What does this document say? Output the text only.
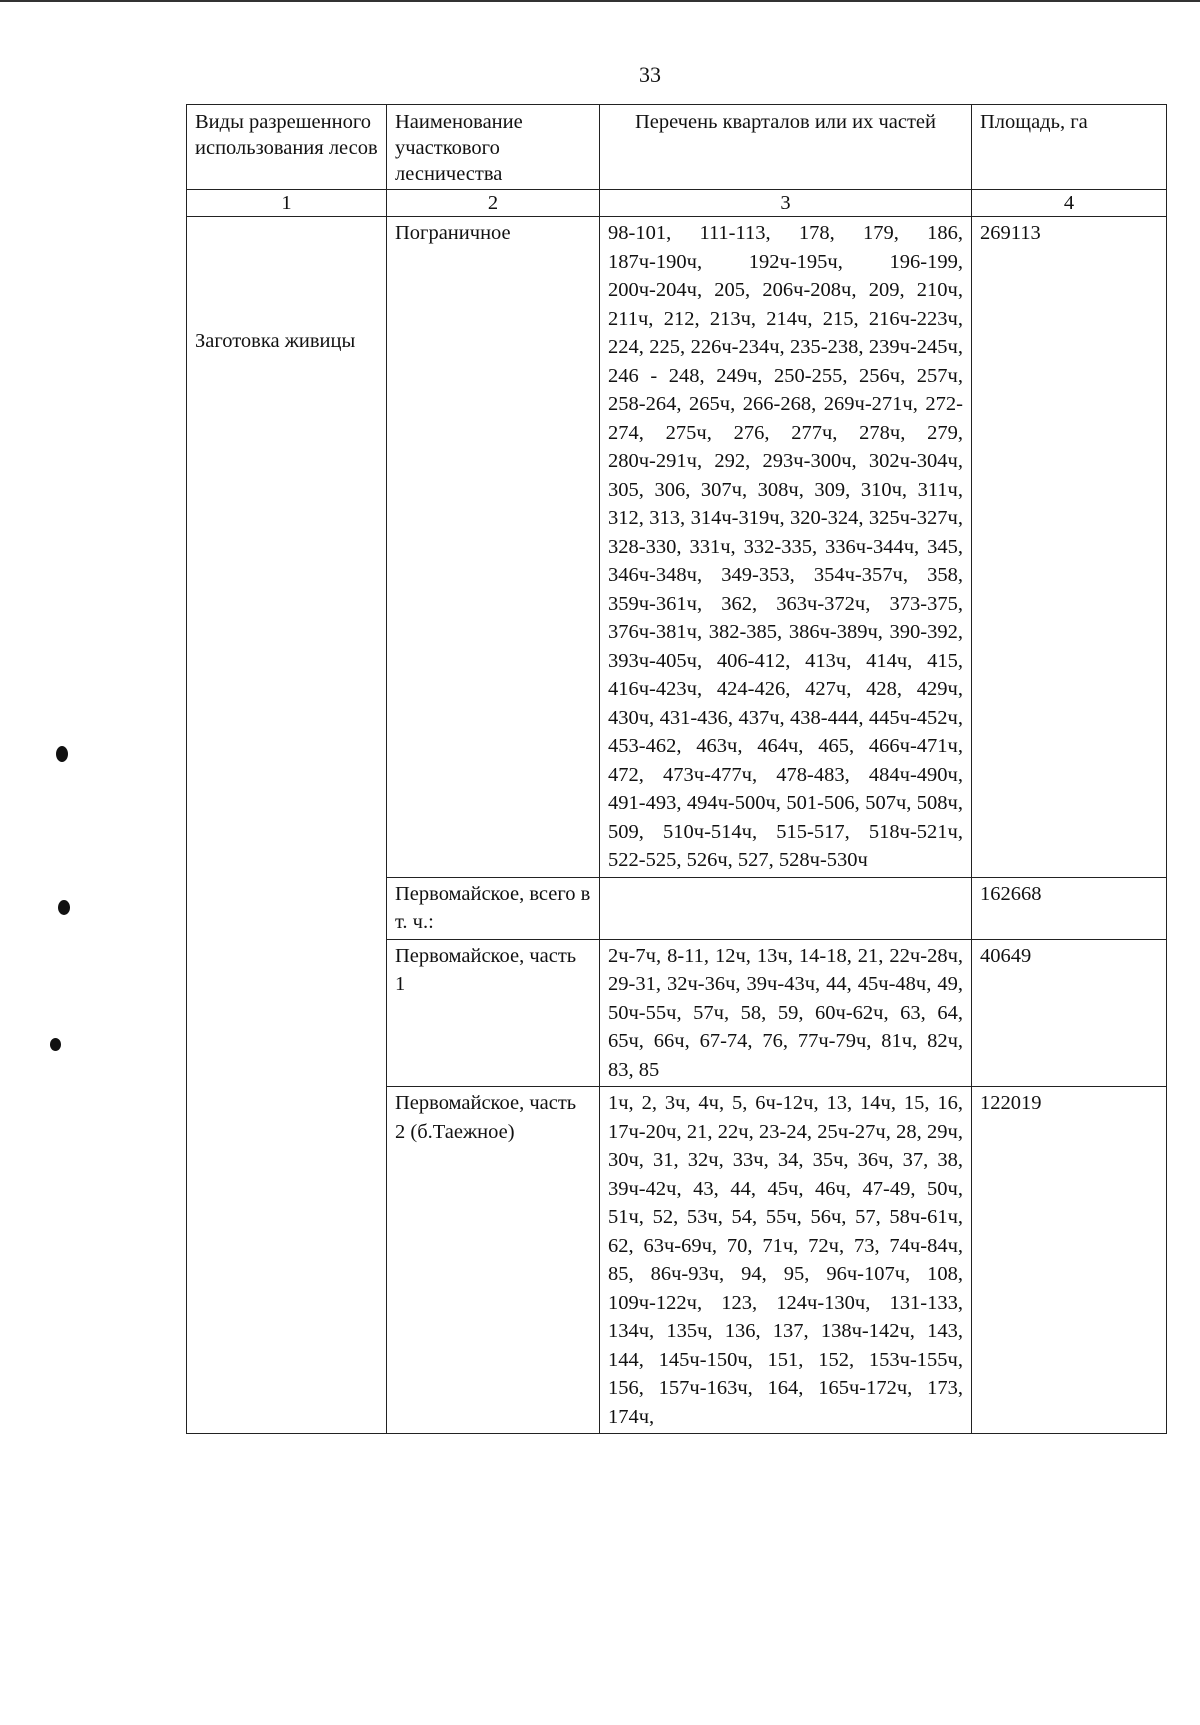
33
Виды разрешенного использования лесов	Наименование участкового лесничества	Перечень кварталов или их частей	Площадь, га
1	2	3	4
Заготовка живицы	Пограничное	98-101, 111-113, 178, 179, 186, 187ч-190ч, 192ч-195ч, 196-199, 200ч-204ч, 205, 206ч-208ч, 209, 210ч, 211ч, 212, 213ч, 214ч, 215, 216ч-223ч, 224, 225, 226ч-234ч, 235-238, 239ч-245ч, 246 - 248, 249ч, 250-255, 256ч, 257ч, 258-264, 265ч, 266-268, 269ч-271ч, 272-274, 275ч, 276, 277ч, 278ч, 279, 280ч-291ч, 292, 293ч-300ч, 302ч-304ч, 305, 306, 307ч, 308ч, 309, 310ч, 311ч, 312, 313, 314ч-319ч, 320-324, 325ч-327ч, 328-330, 331ч, 332-335, 336ч-344ч, 345, 346ч-348ч, 349-353, 354ч-357ч, 358, 359ч-361ч, 362, 363ч-372ч, 373-375, 376ч-381ч, 382-385, 386ч-389ч, 390-392, 393ч-405ч, 406-412, 413ч, 414ч, 415, 416ч-423ч, 424-426, 427ч, 428, 429ч, 430ч, 431-436, 437ч, 438-444, 445ч-452ч, 453-462, 463ч, 464ч, 465, 466ч-471ч, 472, 473ч-477ч, 478-483, 484ч-490ч, 491-493, 494ч-500ч, 501-506, 507ч, 508ч, 509, 510ч-514ч, 515-517, 518ч-521ч, 522-525, 526ч, 527, 528ч-530ч	269113
	Первомайское, всего в т. ч.:		162668
	Первомайское, часть 1	2ч-7ч, 8-11, 12ч, 13ч, 14-18, 21, 22ч-28ч, 29-31, 32ч-36ч, 39ч-43ч, 44, 45ч-48ч, 49, 50ч-55ч, 57ч, 58, 59, 60ч-62ч, 63, 64, 65ч, 66ч, 67-74, 76, 77ч-79ч, 81ч, 82ч, 83, 85	40649
	Первомайское, часть 2 (б.Таежное)	1ч, 2, 3ч, 4ч, 5, 6ч-12ч, 13, 14ч, 15, 16, 17ч-20ч, 21, 22ч, 23-24, 25ч-27ч, 28, 29ч, 30ч, 31, 32ч, 33ч, 34, 35ч, 36ч, 37, 38, 39ч-42ч, 43, 44, 45ч, 46ч, 47-49, 50ч, 51ч, 52, 53ч, 54, 55ч, 56ч, 57, 58ч-61ч, 62, 63ч-69ч, 70, 71ч, 72ч, 73, 74ч-84ч, 85, 86ч-93ч, 94, 95, 96ч-107ч, 108, 109ч-122ч, 123, 124ч-130ч, 131-133, 134ч, 135ч, 136, 137, 138ч-142ч, 143, 144, 145ч-150ч, 151, 152, 153ч-155ч, 156, 157ч-163ч, 164, 165ч-172ч, 173, 174ч,	122019
